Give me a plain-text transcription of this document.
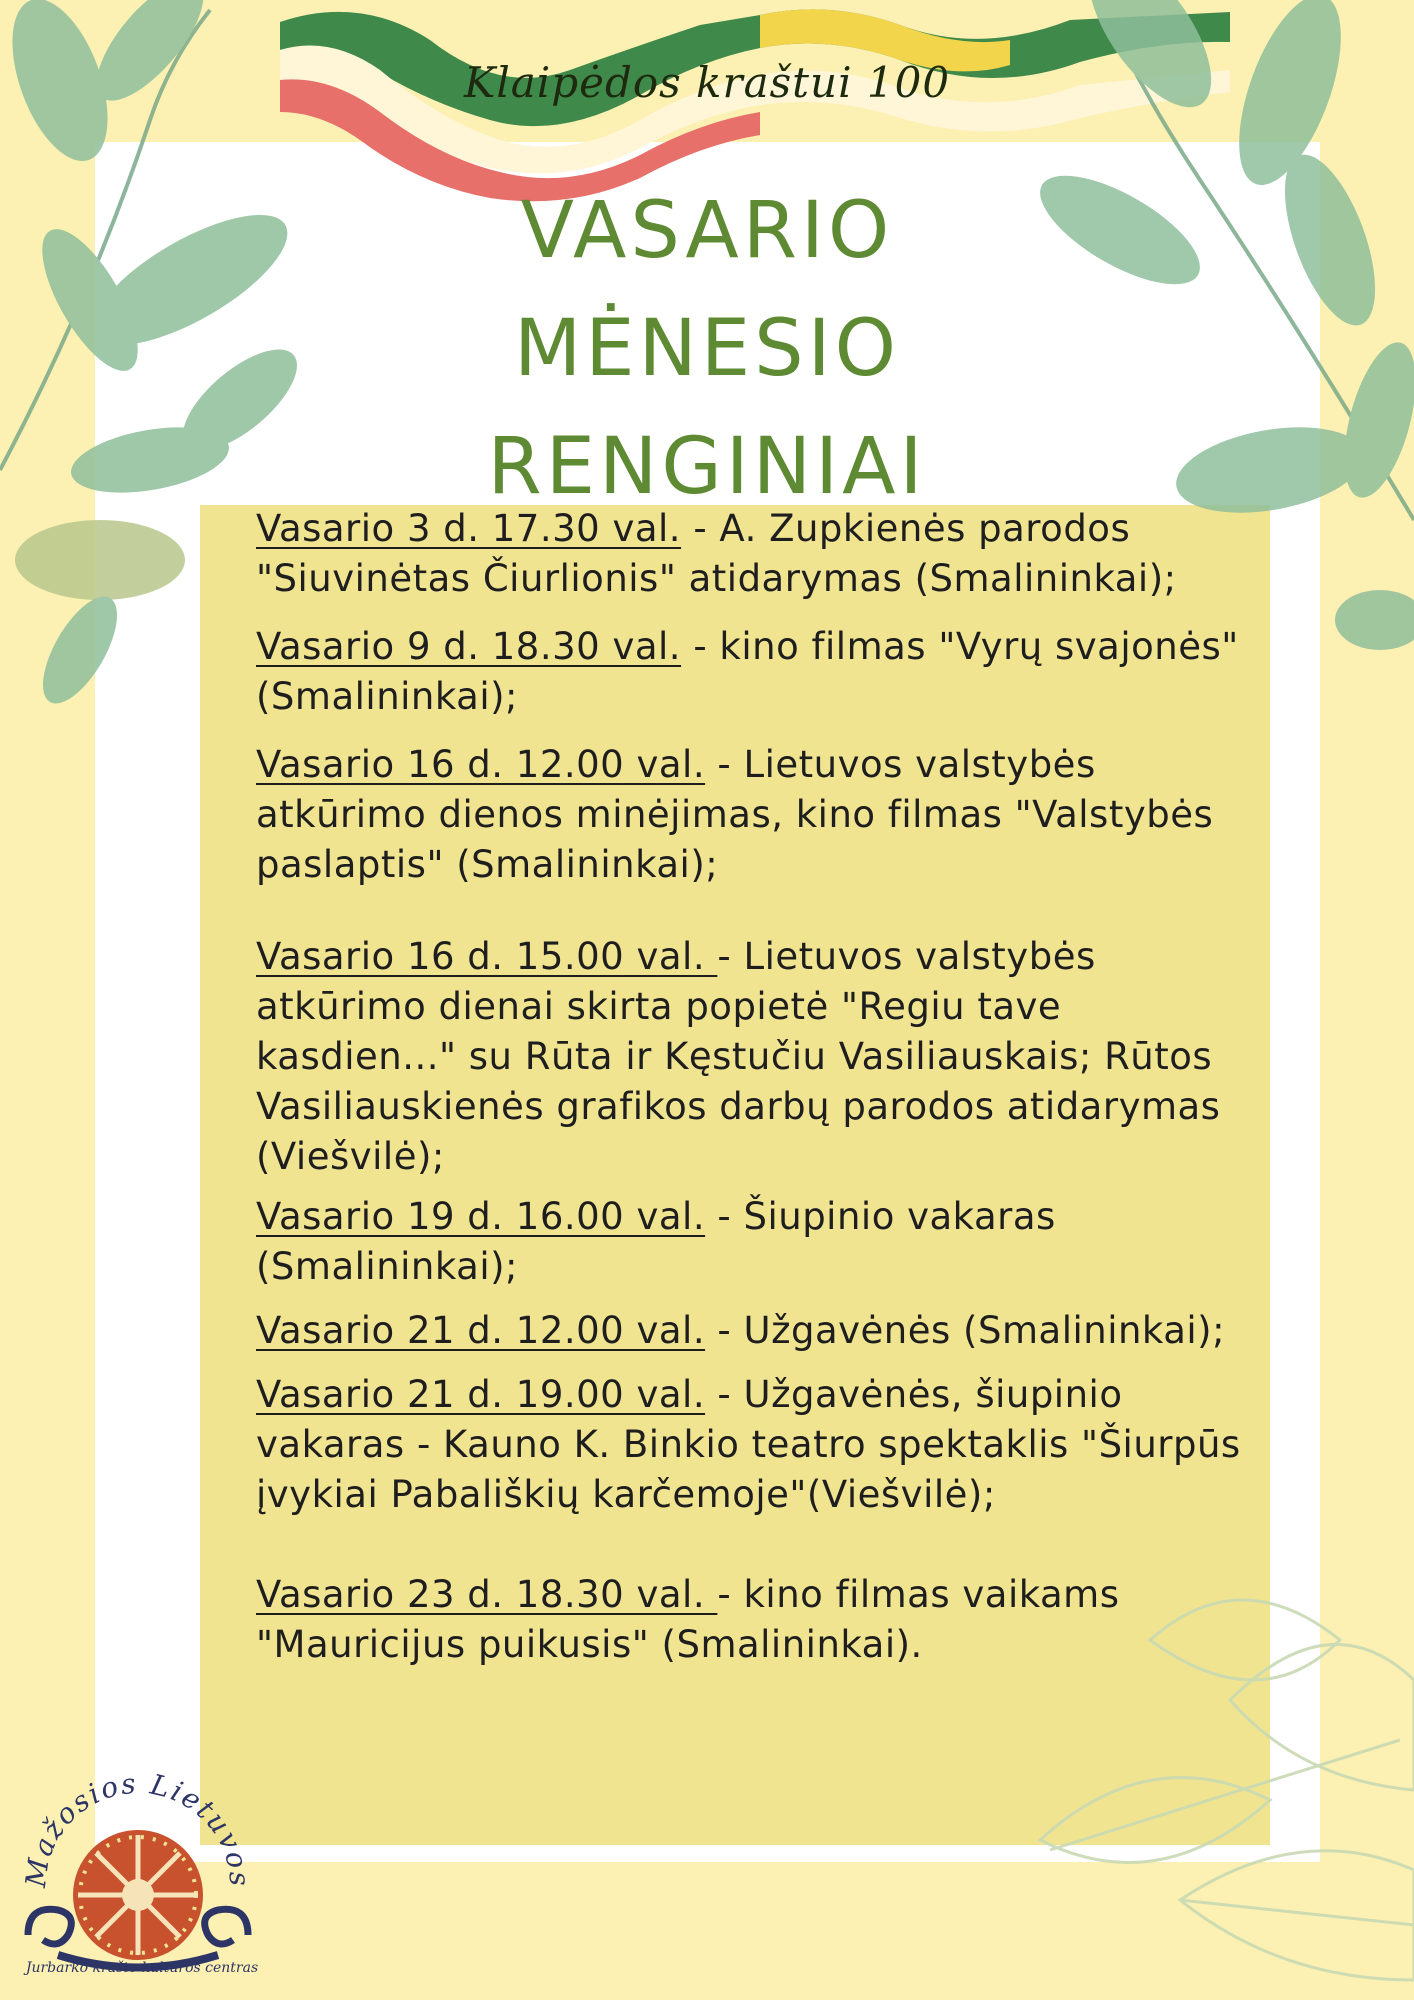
Klaipėdos kraštui 100
VASARIO
MĖNESIO
RENGINIAI

Vasario 3 d. 17.30 val. - A. Zupkienės parodos "Siuvinėtas Čiurlionis" atidarymas (Smalininkai);

Vasario 9 d. 18.30 val. - kino filmas "Vyrų svajonės" (Smalininkai);

Vasario 16 d. 12.00 val. - Lietuvos valstybės atkūrimo dienos minėjimas, kino filmas "Valstybės paslaptis" (Smalininkai);

Vasario 16 d. 15.00 val. - Lietuvos valstybės atkūrimo dienai skirta popietė "Regiu tave kasdien..." su Rūta ir Kęstučiu Vasiliauskais; Rūtos Vasiliauskienės grafikos darbų parodos atidarymas (Viešvilė);

Vasario 19 d. 16.00 val. - Šiupinio vakaras (Smalininkai);

Vasario 21 d. 12.00 val. - Užgavėnės (Smalininkai);

Vasario 21 d. 19.00 val. - Užgavėnės, šiupinio vakaras - Kauno K. Binkio teatro spektaklis "Šiurpūs įvykiai Pabališkių karčemoje"(Viešvilė);

Vasario 23 d. 18.30 val. - kino filmas vaikams "Mauricijus puikusis" (Smalininkai).

Mažosios Lietuvos
Jurbarko krašto kultūros centras
